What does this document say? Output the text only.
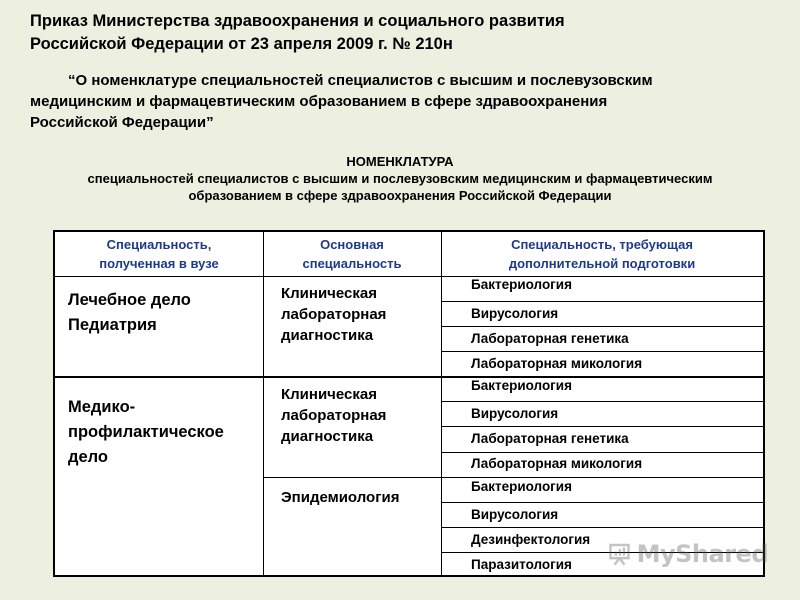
Приказ Министерства здравоохранения и социального развития
Российской Федерации от 23 апреля 2009 г. № 210н
“О номенклатуре специальностей специалистов с высшим и послевузовским
медицинским и фармацевтическим образованием в сфере здравоохранения
Российской Федерации”
НОМЕНКЛАТУРА
специальностей специалистов с высшим и послевузовским медицинским и фармацевтическим
образованием в сфере здравоохранения Российской Федерации
Специальность,
полученная в вузе
Основная
специальность
Специальность, требующая
дополнительной подготовки
Лечебное дело
Педиатрия
Клиническая
лабораторная
диагностика
Бактериология
Вирусология
Лабораторная генетика
Лабораторная микология
Медико-
профилактическое
дело
Клиническая
лабораторная
диагностика
Бактериология
Вирусология
Лабораторная генетика
Лабораторная микология
Эпидемиология
Бактериология
Вирусология
Дезинфектология
Паразитология	MyShared
